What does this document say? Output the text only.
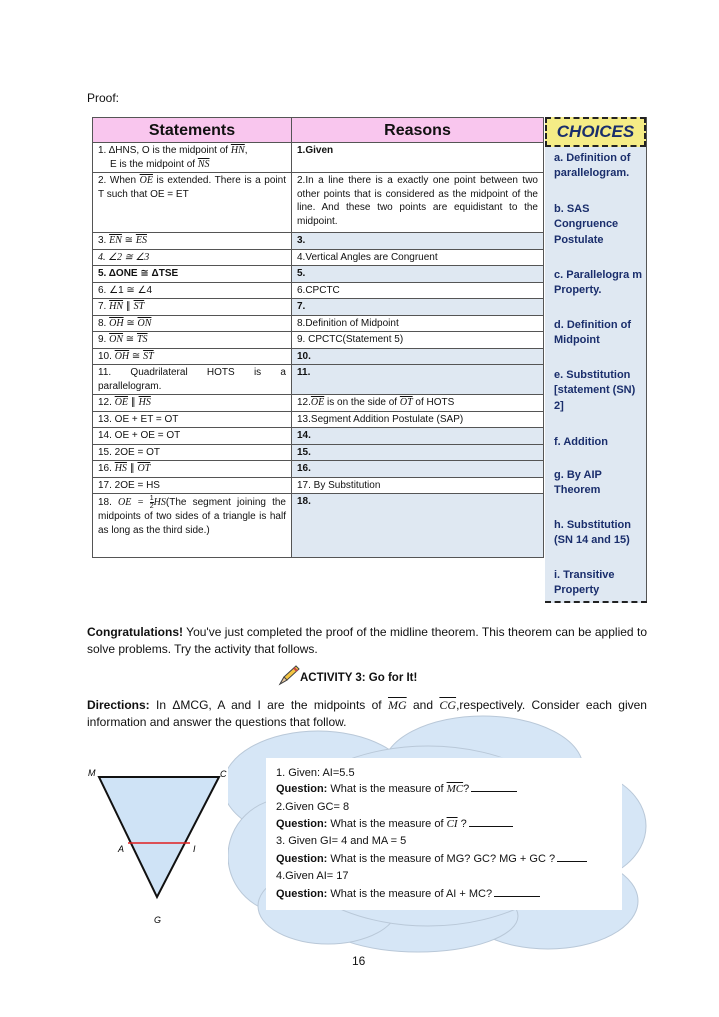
Proof:
Statements	Reasons
1. ΔHNS, O is the midpoint of $\overline{HN}$,
E is the midpoint of $\overline{NS}$	1.Given
2. When $\overline{OE}$ is extended. There is a point T such that OE = ET	2.In a line there is a exactly one point between two other points that is considered as the midpoint of the line. And these two points are equidistant to the midpoint.
3. $\overline{EN}$ ≅ $\overline{ES}$	3.
4. ∠2 ≅ ∠3	4.Vertical Angles are Congruent
5. ΔONE ≅ ΔTSE	5.
6. ∠1 ≅ ∠4	6.CPCTC
7. $\overline{HN}$ ∥ $\overline{ST}$	7.
8. $\overline{OH}$ ≅ $\overline{ON}$	8.Definition of Midpoint
9. $\overline{ON}$ ≅ $\overline{TS}$	9. CPCTC(Statement 5)
10. $\overline{OH}$ ≅ $\overline{ST}$	10.
11. Quadrilateral HOTS is a parallelogram.	11.
12. $\overline{OE}$ ∥ $\overline{HS}$	$12.\overline{OE}$ is on the side of $\overline{OT}$ of HOTS
13. OE + ET = OT	13.Segment Addition Postulate (SAP)
14. OE + OE = OT	14.
15. 2OE = OT	15.
16. $\overline{HS}$ ∥ $\overline{OT}$	16.
17. 2OE = HS	17. By Substitution
18. OE = $\frac{1}{2} HS(The$ segment joining the midpoints of two sides of a triangle is half as long as the third side.)	18.
CHOICES
a. Definition of parallelogram.
b. SAS Congruence Postulate
c. Parallelogra m Property.
d. Definition of Midpoint
e. Substitution [statement (SN) 2]
f. Addition
g. By AIP Theorem
h. Substitution (SN 14 and 15)
i. Transitive Property
Congratulations! You've just completed the proof of the midline theorem. This theorem can be applied to solve problems. Try the activity that follows.
ACTIVITY 3: Go for It!
Directions: In ΔMCG, A and I are the midpoints of $\overline{MG}$ and $\overline{CG},respectively$. Consider each given information and answer the questions that follow.
M	C
A	I
G
1. Given: AI=5.5
Question: What is the measure of $\overline{MC}$?
2.Given GC= 8
Question: What is the measure of $\overline{CI}$ ?
3. Given GI= 4 and MA = 5
Question: What is the measure of MG? GC? MG + GC ?
4.Given AI= 17
Question: What is the measure of AI + MC?
16
